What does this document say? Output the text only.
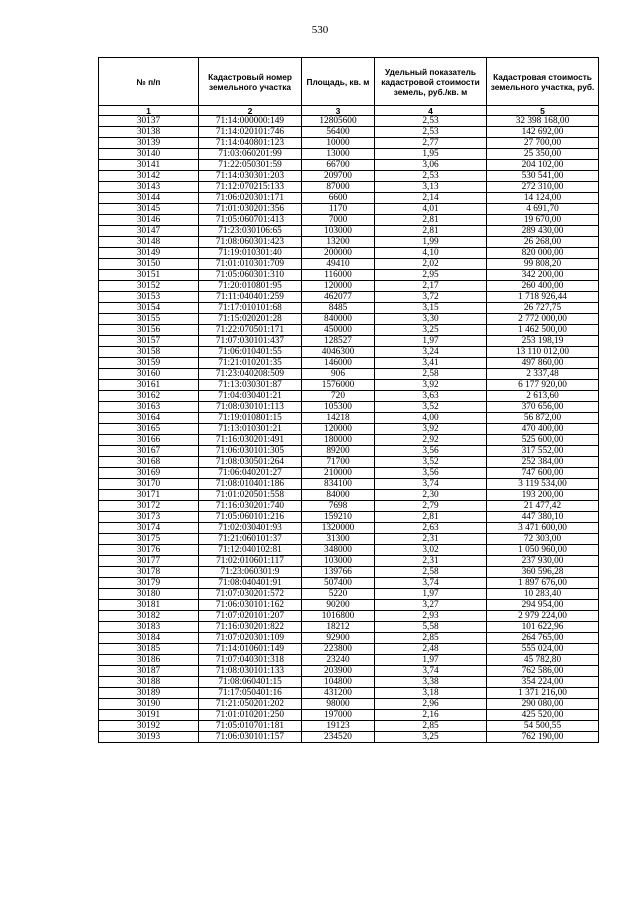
530
№ п/п	Кадастровый номер земельного участка	Площадь, кв. м	Удельный показатель кадастровой стоимости земель, руб./кв. м	Кадастровая стоимость земельного участка, руб.
1	2	3	4	5
30137	71:14:000000:149	12805600	2,53	32 398 168,00
30138	71:14:020101:746	56400	2,53	142 692,00
30139	71:14:040801:123	10000	2,77	27 700,00
30140	71:03:060201:99	13000	1,95	25 350,00
30141	71:22:050301:59	66700	3,06	204 102,00
30142	71:14:030301:203	209700	2,53	530 541,00
30143	71:12:070215:133	87000	3,13	272 310,00
30144	71:06:020301:171	6600	2,14	14 124,00
30145	71:01:030201:356	1170	4,01	4 691,70
30146	71:05:060701:413	7000	2,81	19 670,00
30147	71:23:030106:65	103000	2,81	289 430,00
30148	71:08:060301:423	13200	1,99	26 268,00
30149	71:19:010301:40	200000	4,10	820 000,00
30150	71:01:010301:709	49410	2,02	99 808,20
30151	71:05:060301:310	116000	2,95	342 200,00
30152	71:20:010801:95	120000	2,17	260 400,00
30153	71:11:040401:259	462077	3,72	1 718 926,44
30154	71:17:010101:68	8485	3,15	26 727,75
30155	71:15:020201:28	840000	3,30	2 772 000,00
30156	71:22:070501:171	450000	3,25	1 462 500,00
30157	71:07:030101:437	128527	1,97	253 198,19
30158	71:06:010401:55	4046300	3,24	13 110 012,00
30159	71:21:010201:35	146000	3,41	497 860,00
30160	71:23:040208:509	906	2,58	2 337,48
30161	71:13:030301:87	1576000	3,92	6 177 920,00
30162	71:04:030401:21	720	3,63	2 613,60
30163	71:08:030101:113	105300	3,52	370 656,00
30164	71:19:010801:15	14218	4,00	56 872,00
30165	71:13:010301:21	120000	3,92	470 400,00
30166	71:16:030201:491	180000	2,92	525 600,00
30167	71:06:030101:305	89200	3,56	317 552,00
30168	71:08:030501:264	71700	3,52	252 384,00
30169	71:06:040201:27	210000	3,56	747 600,00
30170	71:08:010401:186	834100	3,74	3 119 534,00
30171	71:01:020501:558	84000	2,30	193 200,00
30172	71:16:030201:740	7698	2,79	21 477,42
30173	71:05:060101:216	159210	2,81	447 380,10
30174	71:02:030401:93	1320000	2,63	3 471 600,00
30175	71:21:060101:37	31300	2,31	72 303,00
30176	71:12:040102:81	348000	3,02	1 050 960,00
30177	71:02:010601:117	103000	2,31	237 930,00
30178	71:23:060301:9	139766	2,58	360 596,28
30179	71:08:040401:91	507400	3,74	1 897 676,00
30180	71:07:030201:572	5220	1,97	10 283,40
30181	71:06:030101:162	90200	3,27	294 954,00
30182	71:07:020101:207	1016800	2,93	2 979 224,00
30183	71:16:030201:822	18212	5,58	101 622,96
30184	71:07:020301:109	92900	2,85	264 765,00
30185	71:14:010601:149	223800	2,48	555 024,00
30186	71:07:040301:318	23240	1,97	45 782,80
30187	71:08:030101:133	203900	3,74	762 586,00
30188	71:08:060401:15	104800	3,38	354 224,00
30189	71:17:050401:16	431200	3,18	1 371 216,00
30190	71:21:050201:202	98000	2,96	290 080,00
30191	71:01:010201:250	197000	2,16	425 520,00
30192	71:05:010701:181	19123	2,85	54 500,55
30193	71:06:030101:157	234520	3,25	762 190,00
